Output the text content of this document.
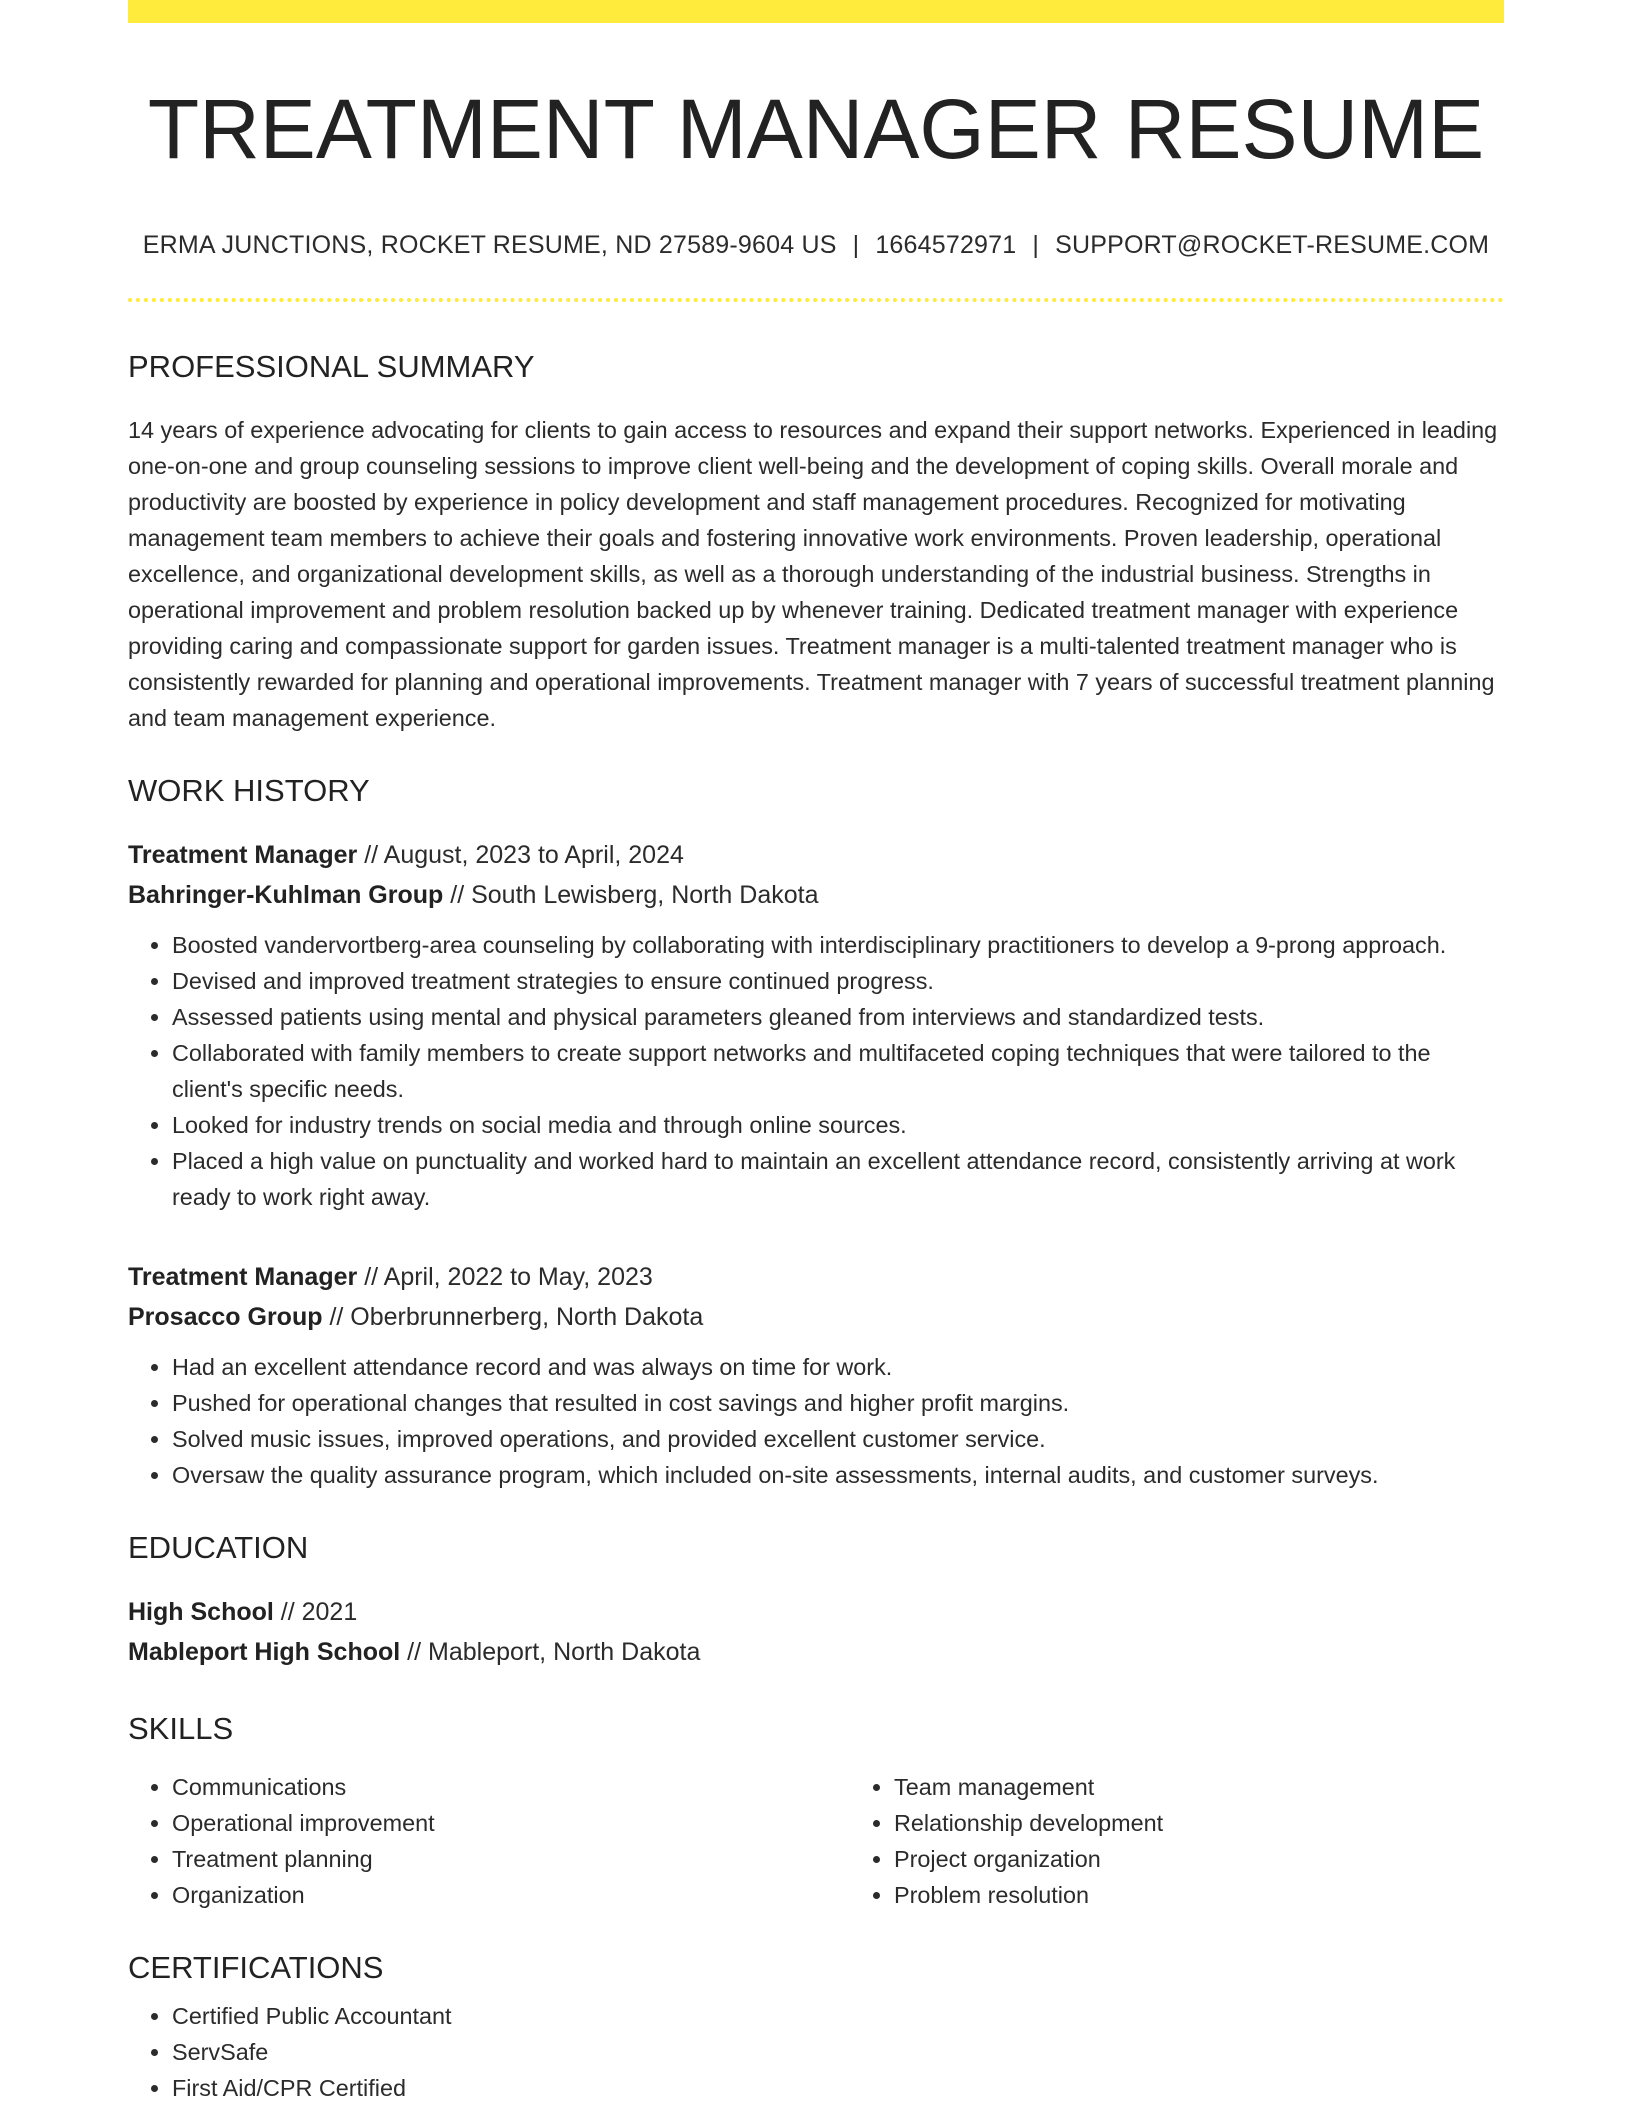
TREATMENT MANAGER RESUME
ERMA JUNCTIONS, ROCKET RESUME, ND 27589-9604 US | 1664572971 | SUPPORT@ROCKET-RESUME.COM
PROFESSIONAL SUMMARY
14 years of experience advocating for clients to gain access to resources and expand their support networks. Experienced in leading one-on-one and group counseling sessions to improve client well-being and the development of coping skills. Overall morale and productivity are boosted by experience in policy development and staff management procedures. Recognized for motivating management team members to achieve their goals and fostering innovative work environments. Proven leadership, operational excellence, and organizational development skills, as well as a thorough understanding of the industrial business. Strengths in operational improvement and problem resolution backed up by whenever training. Dedicated treatment manager with experience providing caring and compassionate support for garden issues. Treatment manager is a multi-talented treatment manager who is consistently rewarded for planning and operational improvements. Treatment manager with 7 years of successful treatment planning and team management experience.
WORK HISTORY
Treatment Manager // August, 2023 to April, 2024
Bahringer-Kuhlman Group // South Lewisberg, North Dakota
• Boosted vandervortberg-area counseling by collaborating with interdisciplinary practitioners to develop a 9-prong approach.
• Devised and improved treatment strategies to ensure continued progress.
• Assessed patients using mental and physical parameters gleaned from interviews and standardized tests.
• Collaborated with family members to create support networks and multifaceted coping techniques that were tailored to the client's specific needs.
• Looked for industry trends on social media and through online sources.
• Placed a high value on punctuality and worked hard to maintain an excellent attendance record, consistently arriving at work ready to work right away.
Treatment Manager // April, 2022 to May, 2023
Prosacco Group // Oberbrunnerberg, North Dakota
• Had an excellent attendance record and was always on time for work.
• Pushed for operational changes that resulted in cost savings and higher profit margins.
• Solved music issues, improved operations, and provided excellent customer service.
• Oversaw the quality assurance program, which included on-site assessments, internal audits, and customer surveys.
EDUCATION
High School // 2021
Mableport High School // Mableport, North Dakota
SKILLS
• Communications
• Operational improvement
• Treatment planning
• Organization
• Team management
• Relationship development
• Project organization
• Problem resolution
CERTIFICATIONS
• Certified Public Accountant
• ServSafe
• First Aid/CPR Certified
